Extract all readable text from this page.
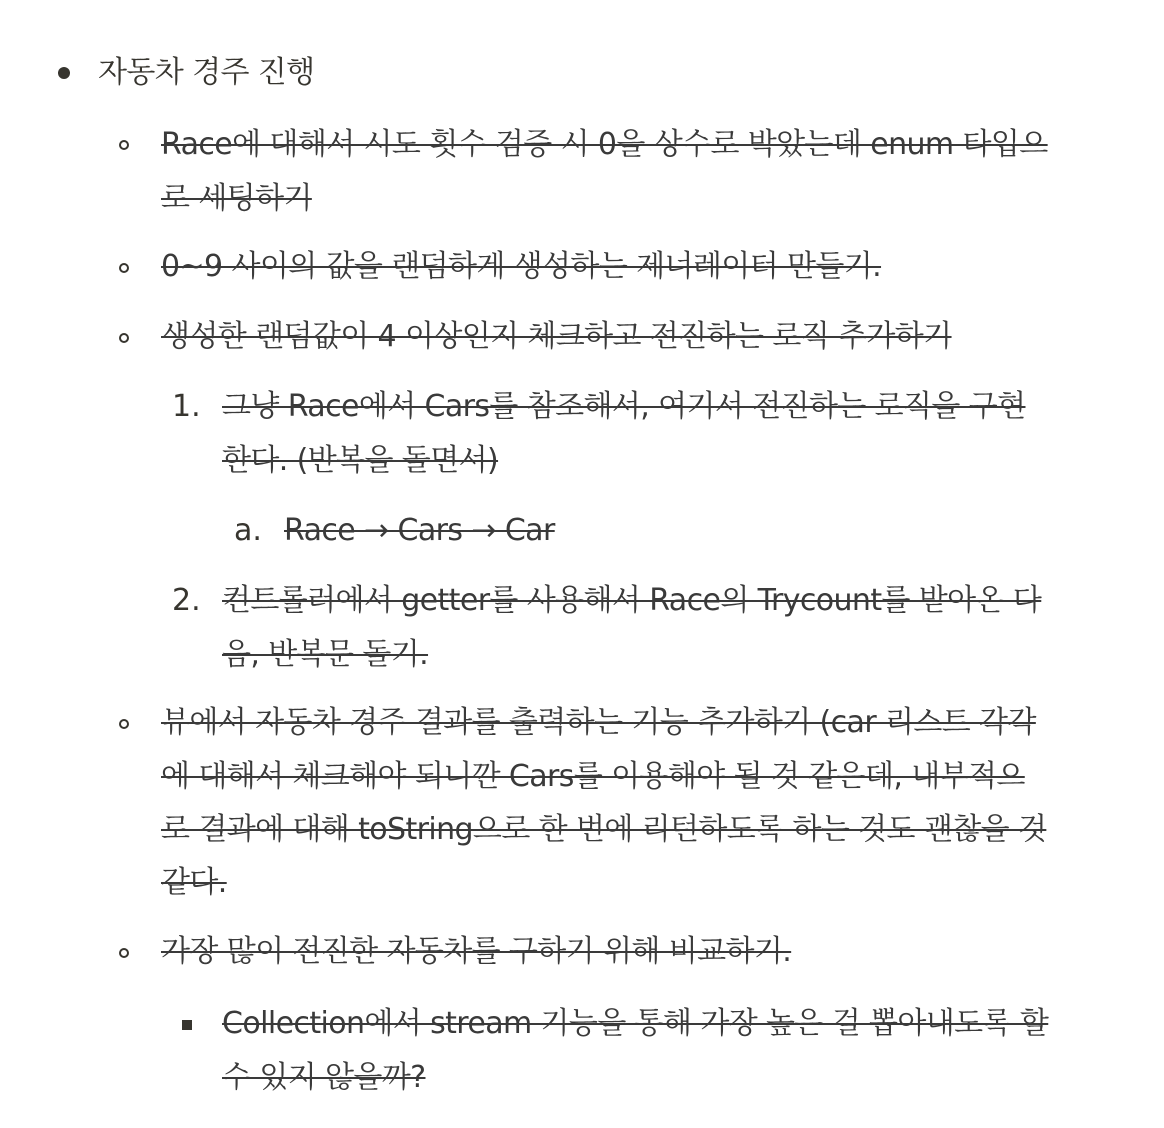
자동차 경주 진행
Race에 대해서 시도 횟수 검증 시 0을 상수로 박았는데 enum 타입으
로 세팅하기
0~9 사이의 값을 랜덤하게 생성하는 제너레이터 만들기.
생성한 랜덤값이 4 이상인지 체크하고 전진하는 로직 추가하기
1. 그냥 Race에서 Cars를 참조해서, 여기서 전진하는 로직을 구현
한다. (반복을 돌면서)
a. Race → Cars → Car
2. 컨트롤러에서 getter를 사용해서 Race의 Trycount를 받아온 다
음, 반복문 돌기.
뷰에서 자동차 경주 결과를 출력하는 기능 추가하기 (car 리스트 각각
에 대해서 체크해야 되니깐 Cars를 이용해야 될 것 같은데, 내부적으
로 결과에 대해 toString으로 한 번에 리턴하도록 하는 것도 괜찮을 것
같다.
가장 많이 전진한 자동차를 구하기 위해 비교하기.
Collection에서 stream 기능을 통해 가장 높은 걸 뽑아내도록 할
수 있지 않을까?
